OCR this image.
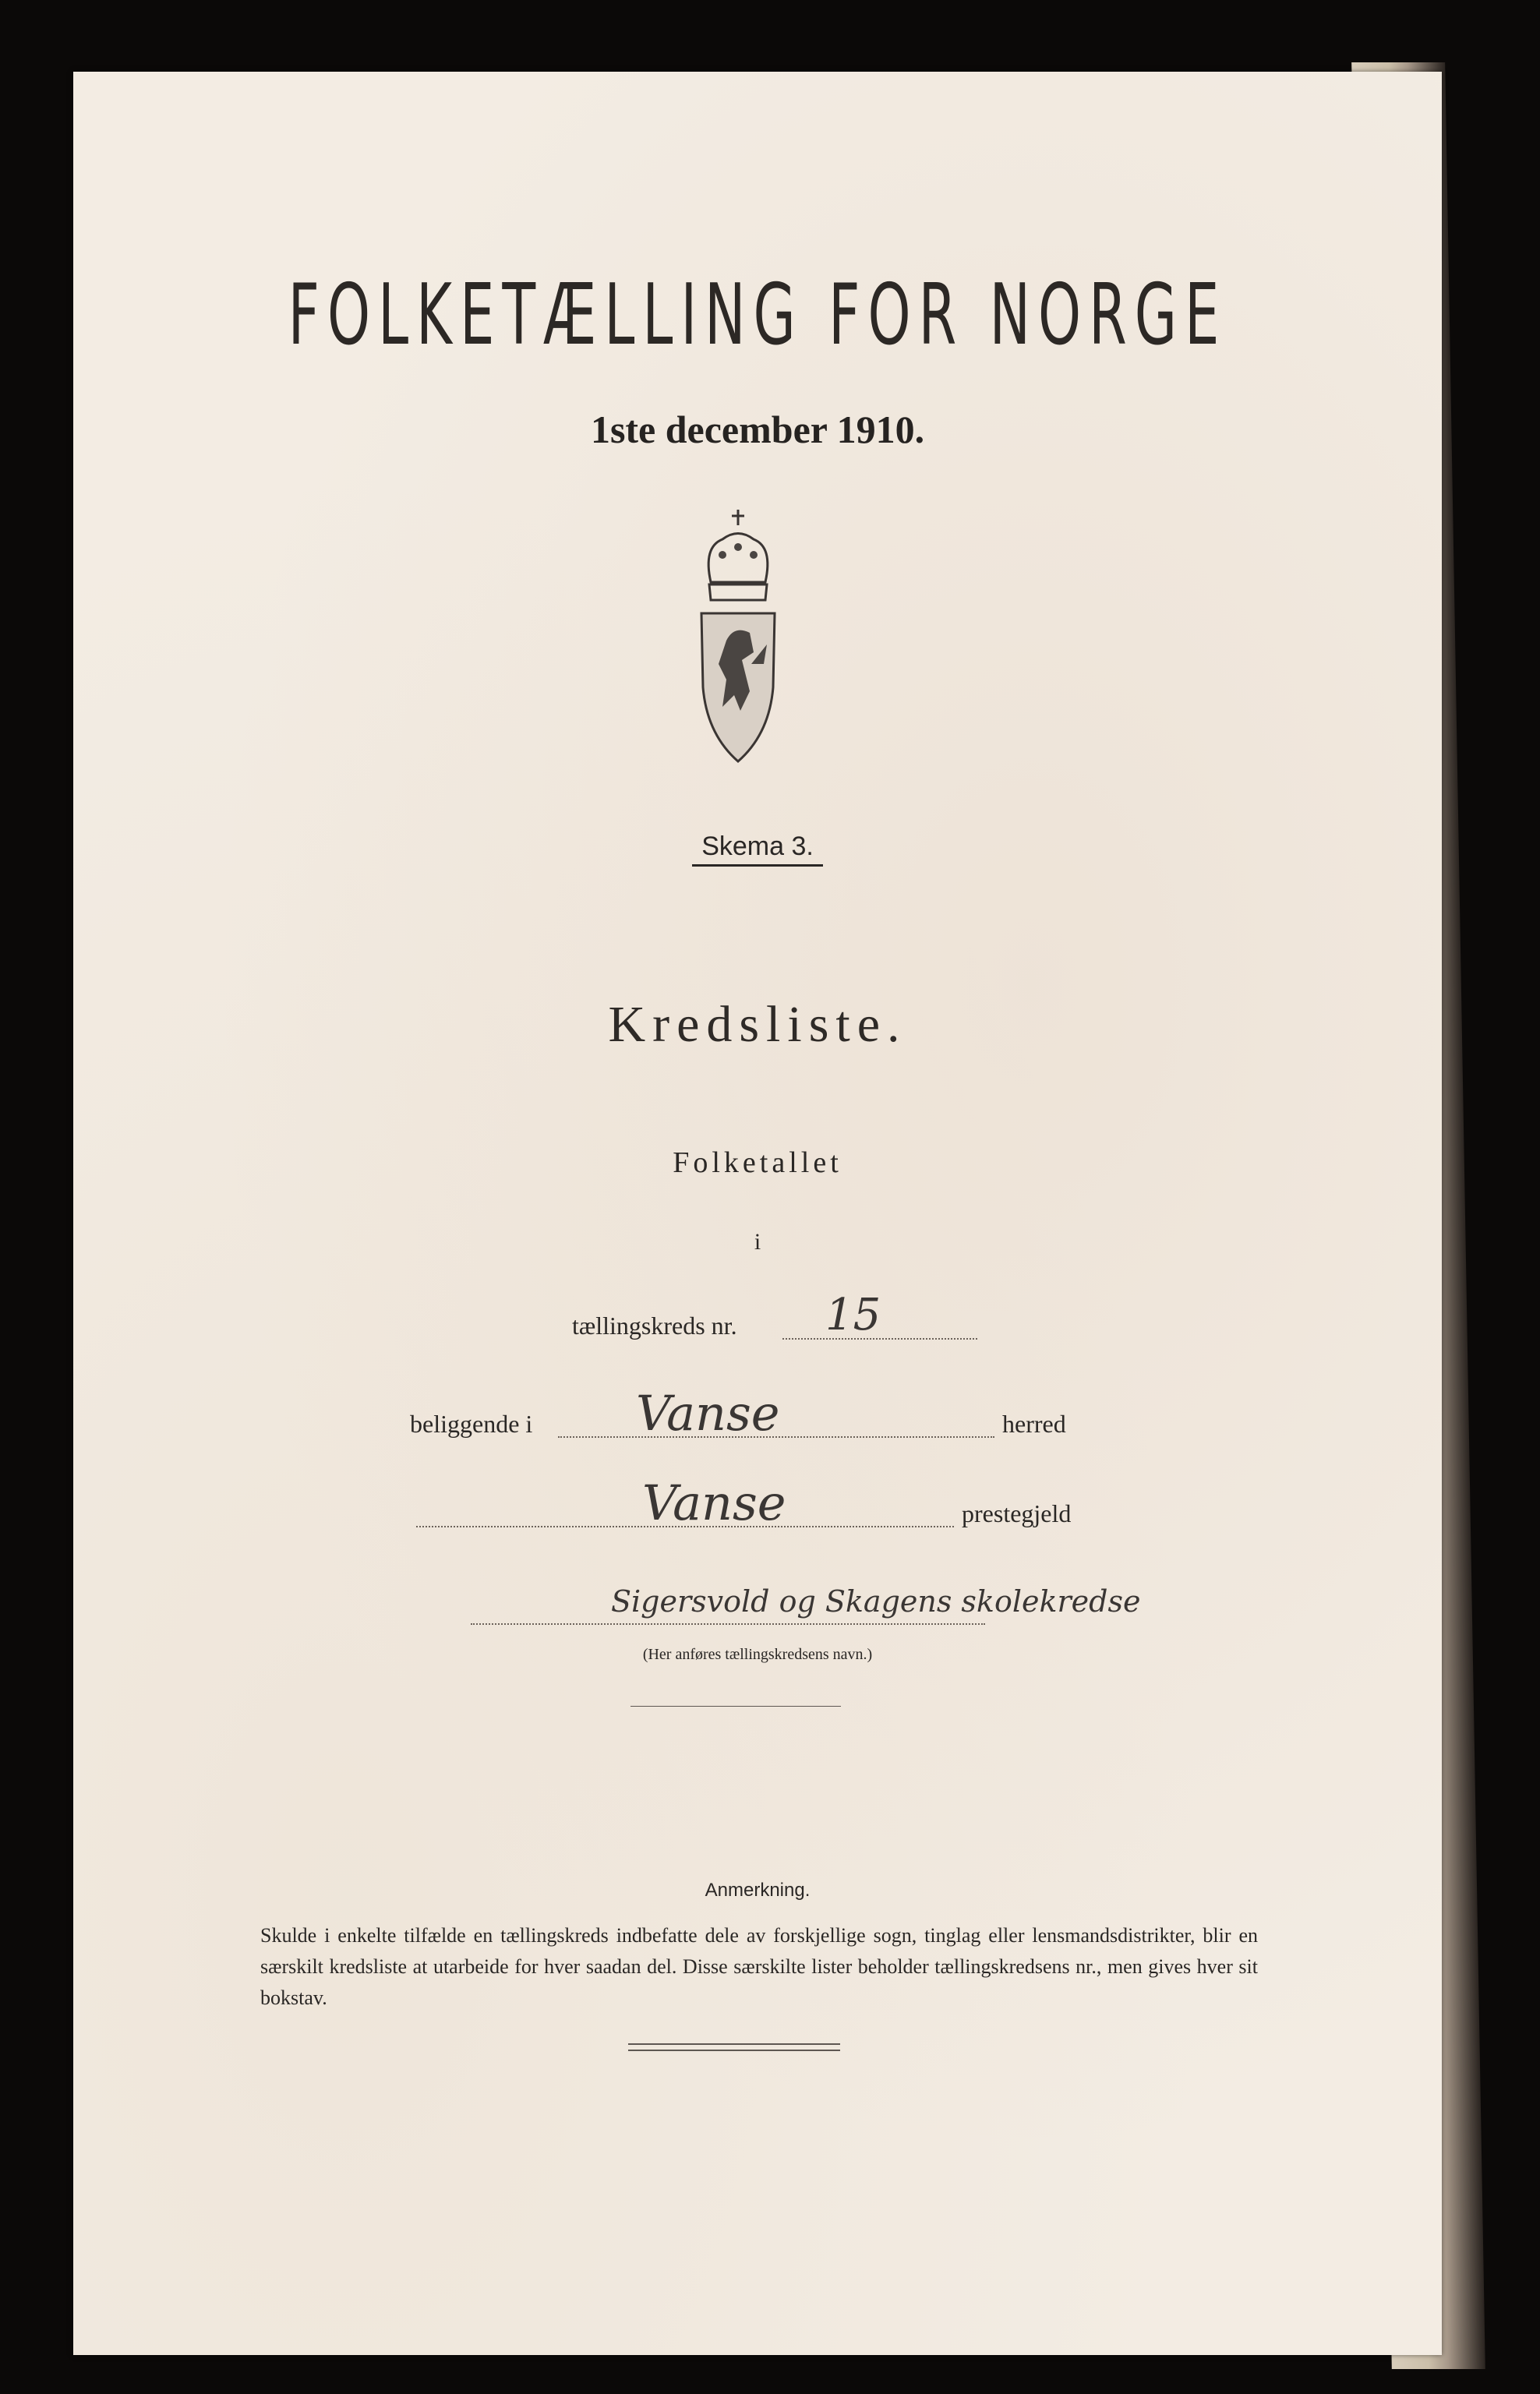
FOLKETÆLLING FOR NORGE
1ste december 1910.
Skema 3.
Kredsliste.
Folketallet
i
tællingskreds nr. 15
beliggende i Vanse	herred
Vanse	prestegjeld
Sigersvold og Skagens skolekredse
(Her anføres tællingskredsens navn.)
Anmerkning.
Skulde i enkelte tilfælde en tællingskreds indbefatte dele av forskjellige sogn, tinglag eller lensmandsdistrikter, blir en særskilt kredsliste at utarbeide for hver saadan del. Disse særskilte lister beholder tællingskredsens nr., men gives hver sit bokstav.
